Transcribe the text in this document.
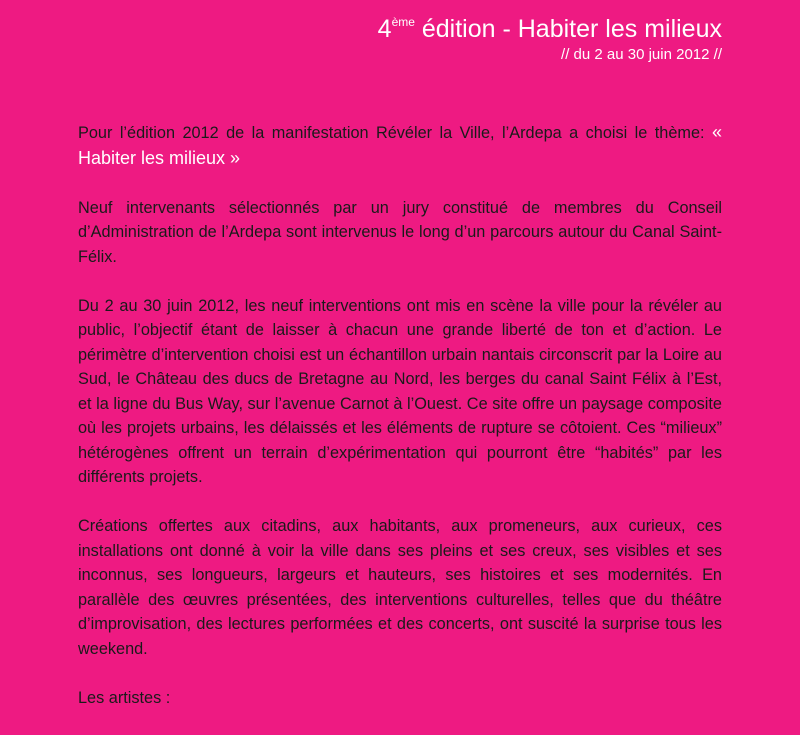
4ème édition - Habiter les milieux
// du 2 au 30 juin 2012 //

Pour l’édition 2012 de la manifestation Révéler la Ville, l’Ardepa a choisi le thème: « Habiter les milieux »

Neuf intervenants sélectionnés par un jury constitué de membres du Conseil d’Administration de l’Ardepa sont intervenus le long d’un parcours autour du Canal Saint-Félix.

Du 2 au 30 juin 2012, les neuf interventions ont mis en scène la ville pour la révéler au public, l’objectif étant de laisser à chacun une grande liberté de ton et d’action. Le périmètre d’intervention choisi est un échantillon urbain nantais circonscrit par la Loire au Sud, le Château des ducs de Bretagne au Nord, les berges du canal Saint Félix à l’Est, et la ligne du Bus Way, sur l’avenue Carnot à l’Ouest. Ce site offre un paysage composite où les projets urbains, les délaissés et les éléments de rupture se côtoient. Ces “milieux” hétérogènes offrent un terrain d’expérimentation qui pourront être “habités” par les différents projets.

Créations offertes aux citadins, aux habitants, aux promeneurs, aux curieux, ces installations ont donné à voir la ville dans ses pleins et ses creux, ses visibles et ses inconnus, ses longueurs, largeurs et hauteurs, ses histoires et ses modernités. En parallèle des œuvres présentées, des interventions culturelles, telles que du théâtre d’improvisation, des lectures performées et des concerts, ont suscité la surprise tous les weekend.

Les artistes :
